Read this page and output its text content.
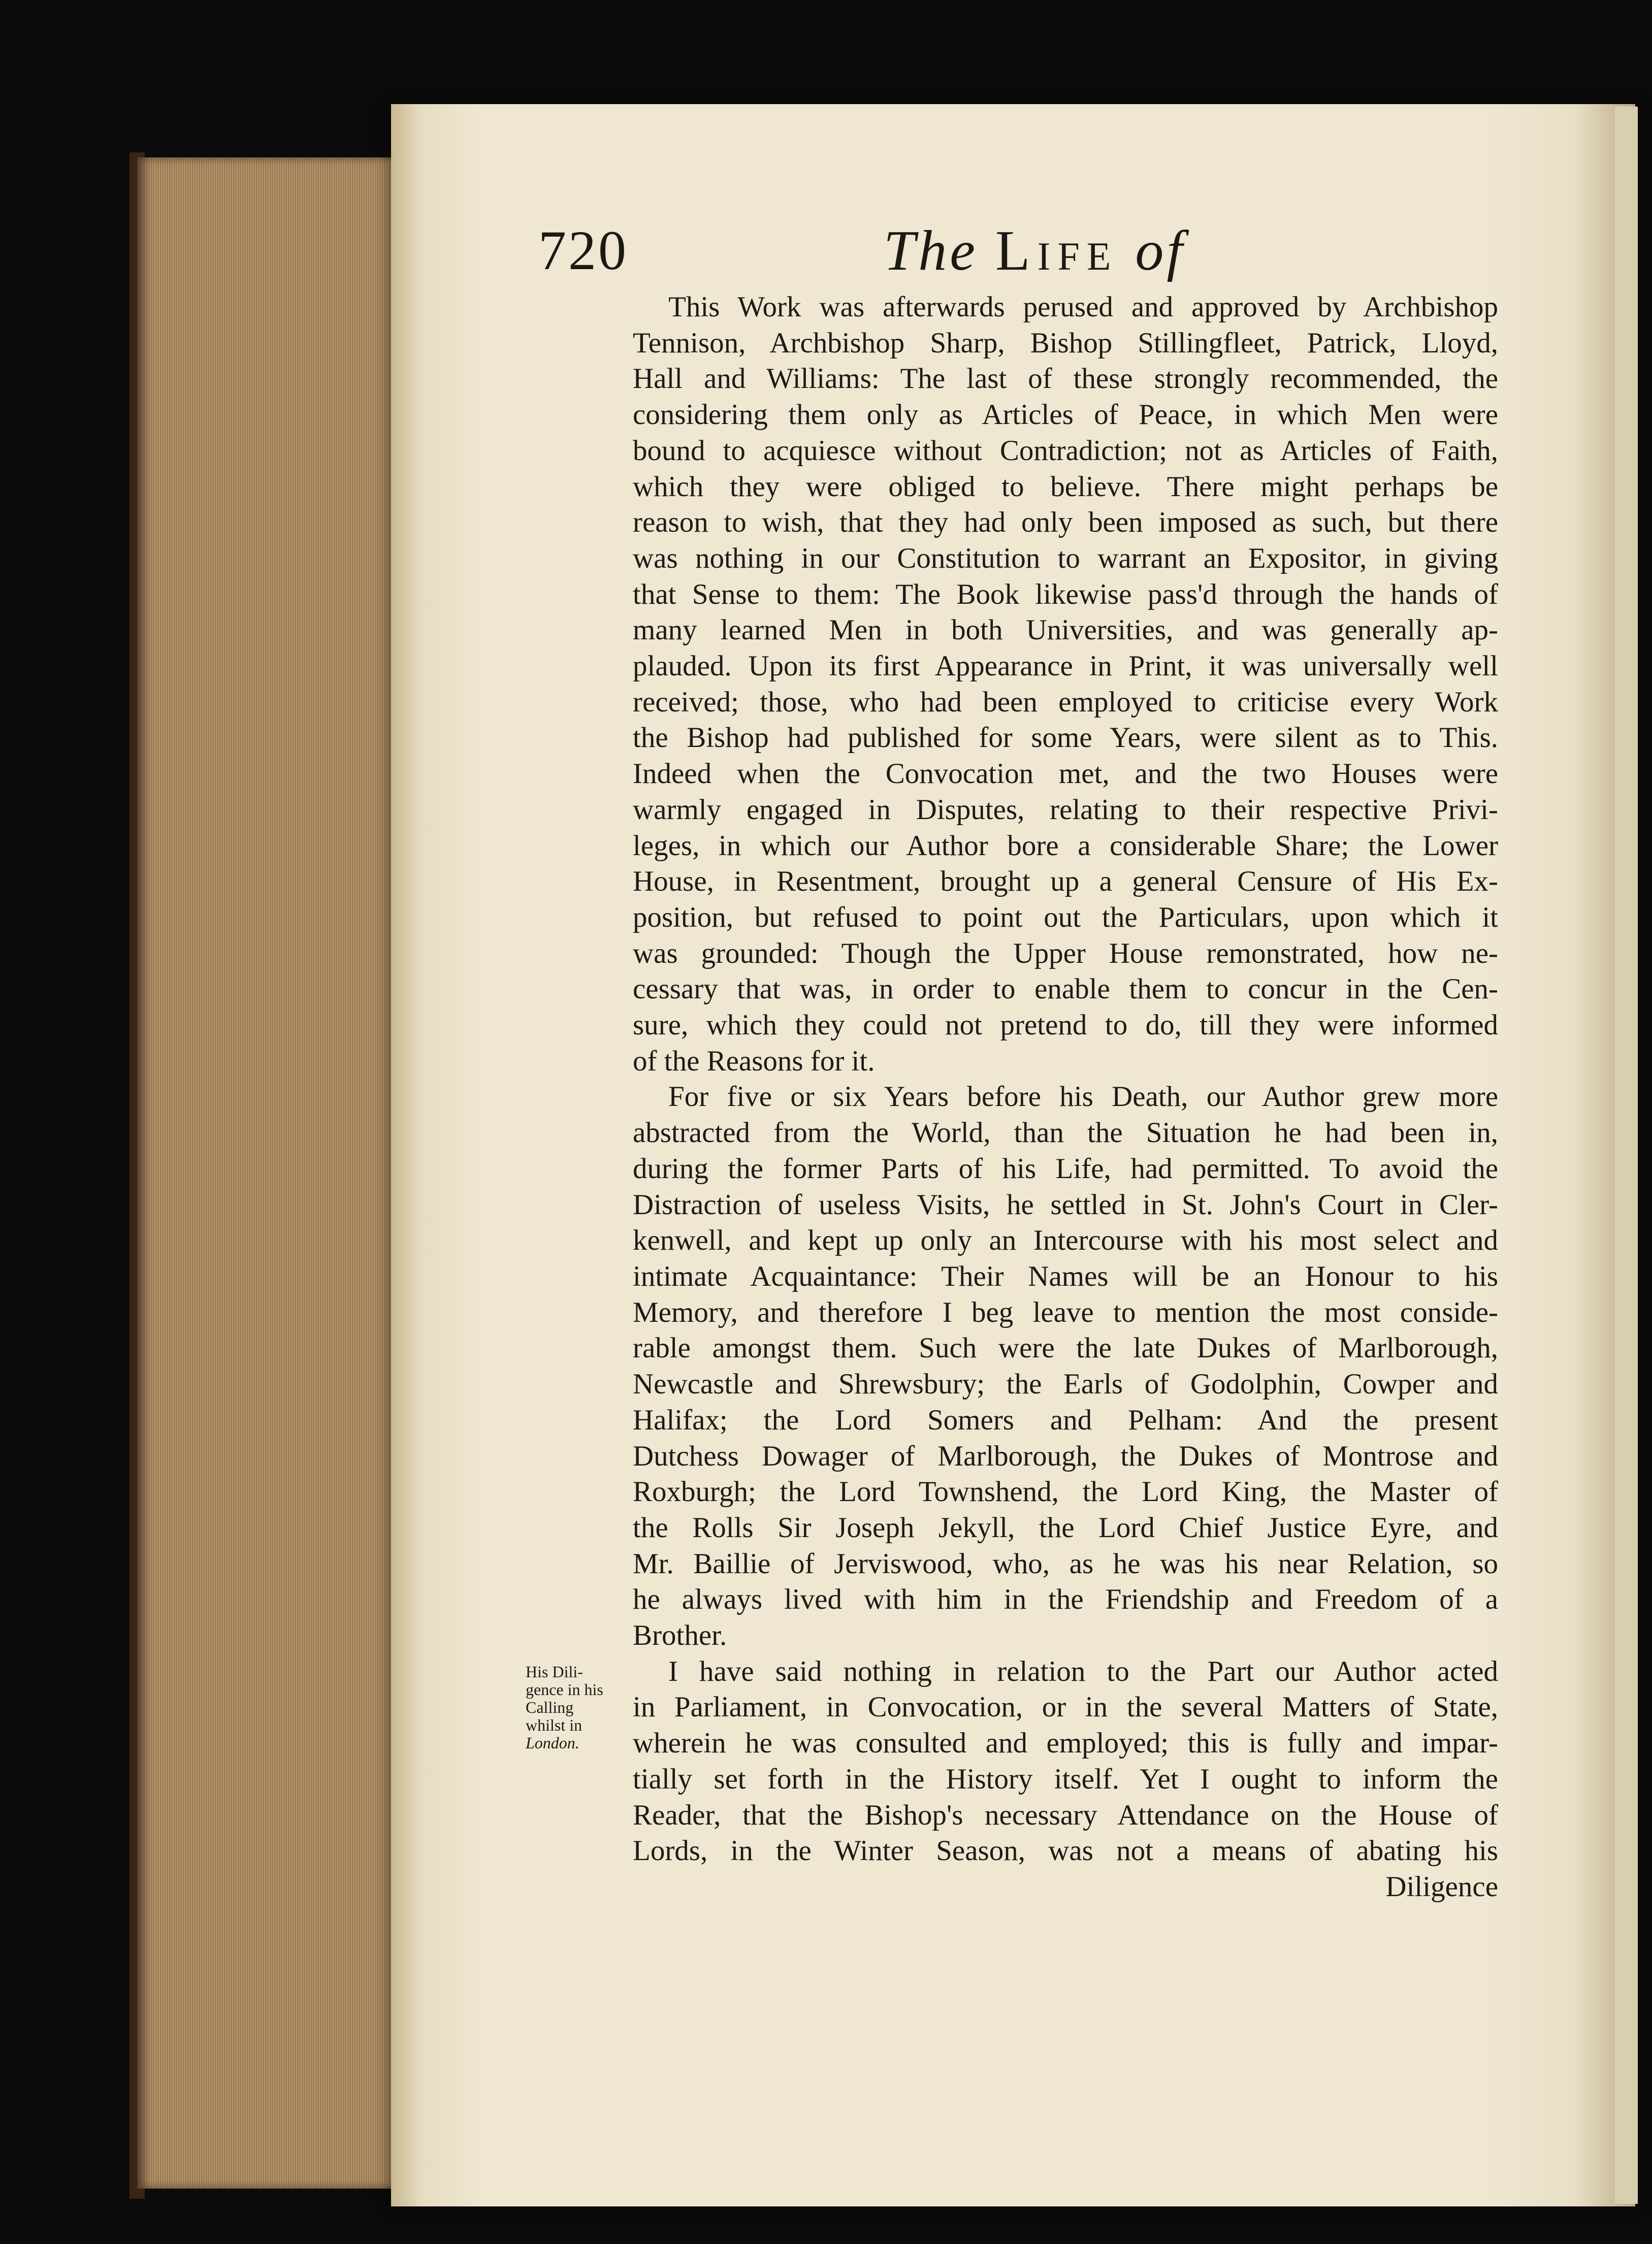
720	The Life of
His Dili-
gence in his
Calling
whilst in
London.
This Work was afterwards perused and approved by Archbishop
Tennison, Archbishop Sharp, Bishop Stillingfleet, Patrick, Lloyd,
Hall and Williams: The last of these strongly recommended, the
considering them only as Articles of Peace, in which Men were
bound to acquiesce without Contradiction; not as Articles of Faith,
which they were obliged to believe. There might perhaps be
reason to wish, that they had only been imposed as such, but there
was nothing in our Constitution to warrant an Expositor, in giving
that Sense to them: The Book likewise pass'd through the hands of
many learned Men in both Universities, and was generally ap-
plauded. Upon its first Appearance in Print, it was universally well
received; those, who had been employed to criticise every Work
the Bishop had published for some Years, were silent as to This.
Indeed when the Convocation met, and the two Houses were
warmly engaged in Disputes, relating to their respective Privi-
leges, in which our Author bore a considerable Share; the Lower
House, in Resentment, brought up a general Censure of His Ex-
position, but refused to point out the Particulars, upon which it
was grounded: Though the Upper House remonstrated, how ne-
cessary that was, in order to enable them to concur in the Cen-
sure, which they could not pretend to do, till they were informed
of the Reasons for it.
For five or six Years before his Death, our Author grew more
abstracted from the World, than the Situation he had been in,
during the former Parts of his Life, had permitted. To avoid the
Distraction of useless Visits, he settled in St. John's Court in Cler-
kenwell, and kept up only an Intercourse with his most select and
intimate Acquaintance: Their Names will be an Honour to his
Memory, and therefore I beg leave to mention the most conside-
rable amongst them. Such were the late Dukes of Marlborough,
Newcastle and Shrewsbury; the Earls of Godolphin, Cowper and
Halifax; the Lord Somers and Pelham: And the present
Dutchess Dowager of Marlborough, the Dukes of Montrose and
Roxburgh; the Lord Townshend, the Lord King, the Master of
the Rolls Sir Joseph Jekyll, the Lord Chief Justice Eyre, and
Mr. Baillie of Jerviswood, who, as he was his near Relation, so
he always lived with him in the Friendship and Freedom of a
Brother.
I have said nothing in relation to the Part our Author acted
in Parliament, in Convocation, or in the several Matters of State,
wherein he was consulted and employed; this is fully and impar-
tially set forth in the History itself. Yet I ought to inform the
Reader, that the Bishop's necessary Attendance on the House of
Lords, in the Winter Season, was not a means of abating his
Diligence
